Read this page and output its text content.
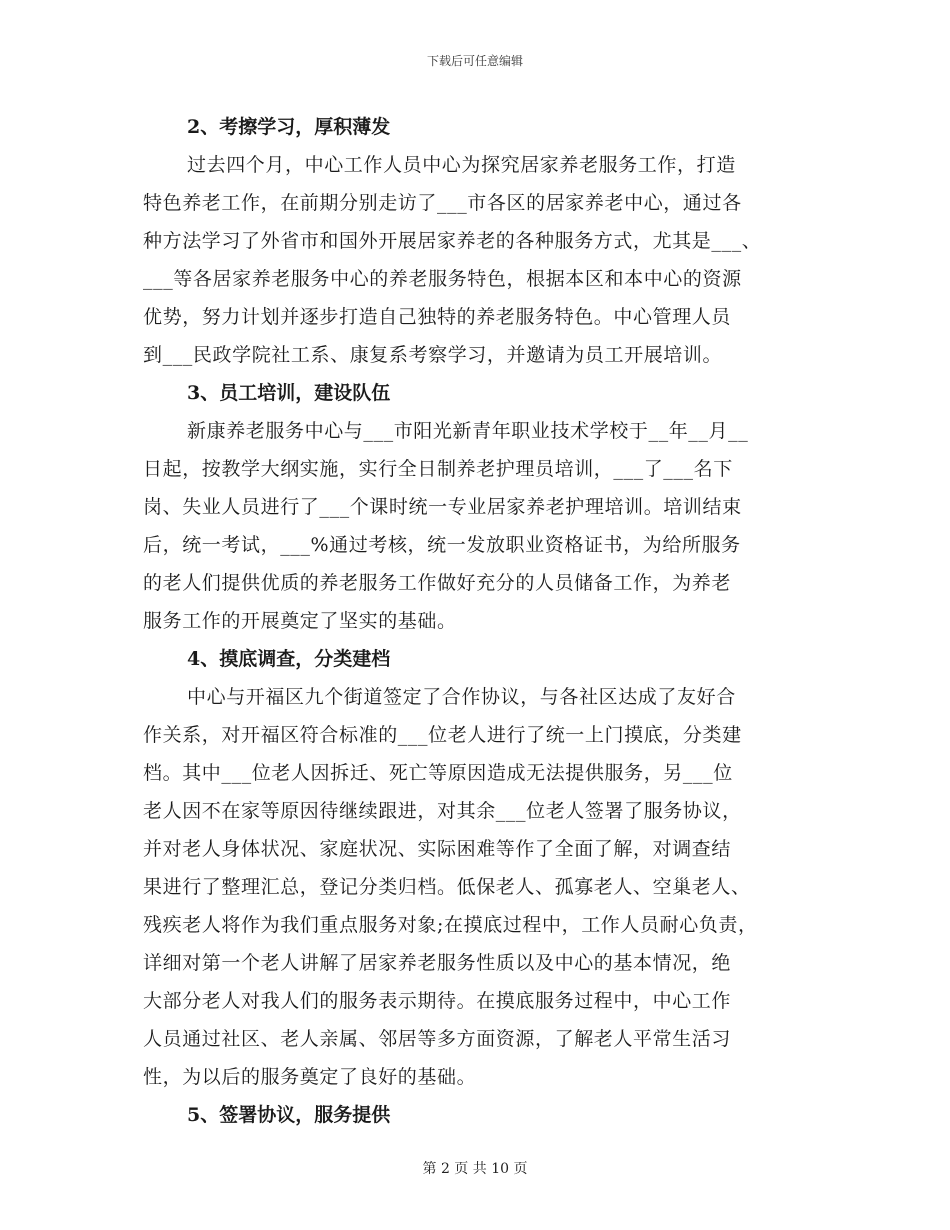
下载后可任意编辑
2、考擦学习，厚积薄发
过去四个月，中心工作人员中心为探究居家养老服务工作，打造
特色养老工作，在前期分别走访了___市各区的居家养老中心，通过各
种方法学习了外省市和国外开展居家养老的各种服务方式，尤其是___、
___等各居家养老服务中心的养老服务特色，根据本区和本中心的资源
优势，努力计划并逐步打造自己独特的养老服务特色。中心管理人员
到___民政学院社工系、康复系考察学习，并邀请为员工开展培训。
3、员工培训，建设队伍
新康养老服务中心与___市阳光新青年职业技术学校于__年__月__
日起，按教学大纲实施，实行全日制养老护理员培训，___了___名下
岗、失业人员进行了___个课时统一专业居家养老护理培训。培训结束
后，统一考试，___%通过考核，统一发放职业资格证书，为给所服务
的老人们提供优质的养老服务工作做好充分的人员储备工作，为养老
服务工作的开展奠定了坚实的基础。
4、摸底调查，分类建档
中心与开福区九个街道签定了合作协议，与各社区达成了友好合
作关系，对开福区符合标准的___位老人进行了统一上门摸底，分类建
档。其中___位老人因拆迁、死亡等原因造成无法提供服务，另___位
老人因不在家等原因待继续跟进，对其余___位老人签署了服务协议，
并对老人身体状况、家庭状况、实际困难等作了全面了解，对调查结
果进行了整理汇总，登记分类归档。低保老人、孤寡老人、空巢老人、
残疾老人将作为我们重点服务对象;在摸底过程中，工作人员耐心负责，
详细对第一个老人讲解了居家养老服务性质以及中心的基本情况，绝
大部分老人对我人们的服务表示期待。在摸底服务过程中，中心工作
人员通过社区、老人亲属、邻居等多方面资源，了解老人平常生活习
性，为以后的服务奠定了良好的基础。
5、签署协议，服务提供
第 2 页 共 10 页
